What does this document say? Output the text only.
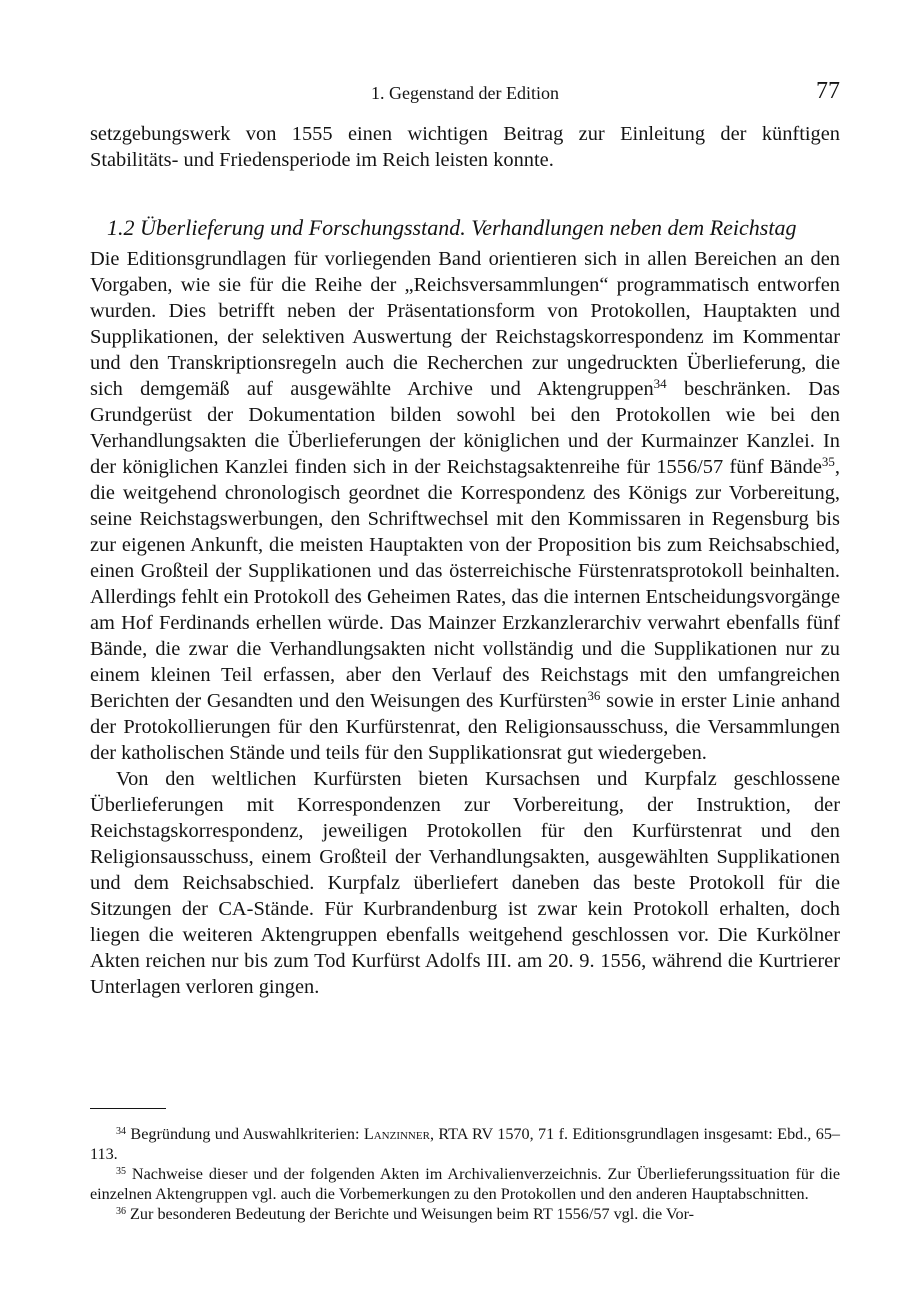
1. Gegenstand der Edition	77

setzgebungswerk von 1555 einen wichtigen Beitrag zur Einleitung der künftigen Stabilitäts- und Friedensperiode im Reich leisten konnte.

1.2 Überlieferung und Forschungsstand. Verhandlungen neben dem Reichstag

Die Editionsgrundlagen für vorliegenden Band orientieren sich in allen Bereichen an den Vorgaben, wie sie für die Reihe der „Reichsversammlungen“ programmatisch entworfen wurden. Dies betrifft neben der Präsentationsform von Protokollen, Hauptakten und Supplikationen, der selektiven Auswertung der Reichstagskorrespondenz im Kommentar und den Transkriptionsregeln auch die Recherchen zur ungedruckten Überlieferung, die sich demgemäß auf ausgewählte Archive und Aktengruppen$^{34}$ beschränken. Das Grundgerüst der Dokumentation bilden sowohl bei den Protokollen wie bei den Verhandlungsakten die Überlieferungen der königlichen und der Kurmainzer Kanzlei. In der königlichen Kanzlei finden sich in der Reichstagsaktenreihe für 1556/57 fünf Bände$^{35}$, die weitgehend chronologisch geordnet die Korrespondenz des Königs zur Vorbereitung, seine Reichstagswerbungen, den Schriftwechsel mit den Kommissaren in Regensburg bis zur eigenen Ankunft, die meisten Hauptakten von der Proposition bis zum Reichsabschied, einen Großteil der Supplikationen und das österreichische Fürstenratsprotokoll beinhalten. Allerdings fehlt ein Protokoll des Geheimen Rates, das die internen Entscheidungsvorgänge am Hof Ferdinands erhellen würde. Das Mainzer Erzkanzlerarchiv verwahrt ebenfalls fünf Bände, die zwar die Verhandlungsakten nicht vollständig und die Supplikationen nur zu einem kleinen Teil erfassen, aber den Verlauf des Reichstags mit den umfangreichen Berichten der Gesandten und den Weisungen des Kurfürsten$^{36}$ sowie in erster Linie anhand der Protokollierungen für den Kurfürstenrat, den Religionsausschuss, die Versammlungen der katholischen Stände und teils für den Supplikationsrat gut wiedergeben.

Von den weltlichen Kurfürsten bieten Kursachsen und Kurpfalz geschlossene Überlieferungen mit Korrespondenzen zur Vorbereitung, der Instruktion, der Reichstagskorrespondenz, jeweiligen Protokollen für den Kurfürstenrat und den Religionsausschuss, einem Großteil der Verhandlungsakten, ausgewählten Supplikationen und dem Reichsabschied. Kurpfalz überliefert daneben das beste Protokoll für die Sitzungen der CA-Stände. Für Kurbrandenburg ist zwar kein Protokoll erhalten, doch liegen die weiteren Aktengruppen ebenfalls weitgehend geschlossen vor. Die Kurkölner Akten reichen nur bis zum Tod Kurfürst Adolfs III. am 20. 9. 1556, während die Kurtrierer Unterlagen verloren gingen.

$^{34}$ Begründung und Auswahlkriterien: Lanzinner, RTA RV 1570, 71 f. Editionsgrundlagen insgesamt: Ebd., 65–113.

$^{35}$ Nachweise dieser und der folgenden Akten im Archivalienverzeichnis. Zur Überlieferungssituation für die einzelnen Aktengruppen vgl. auch die Vorbemerkungen zu den Protokollen und den anderen Hauptabschnitten.

$^{36}$ Zur besonderen Bedeutung der Berichte und Weisungen beim RT 1556/57 vgl. die Vor-
